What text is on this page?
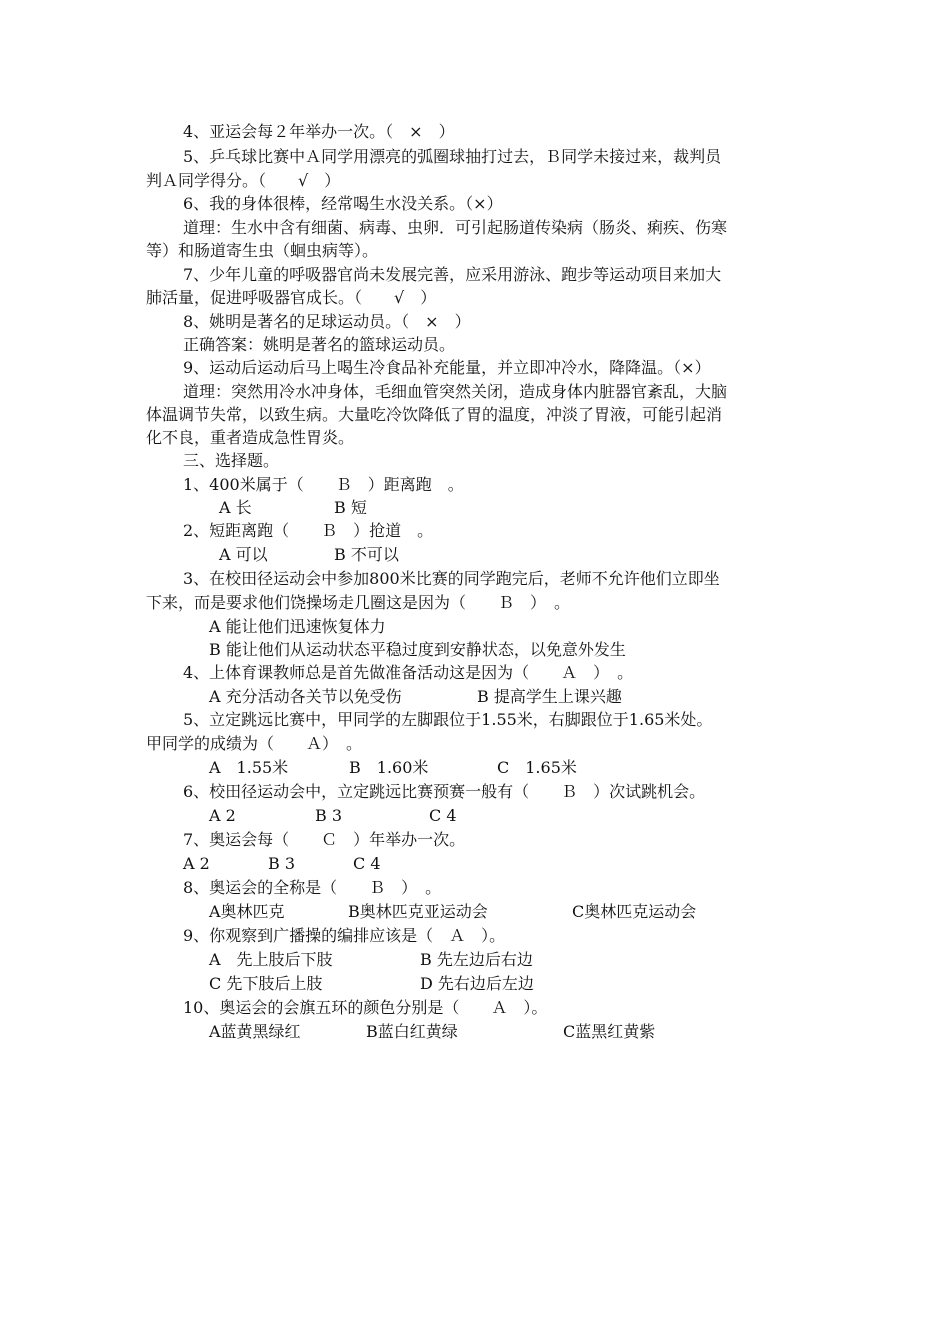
4、亚运会每２年举办一次。（　×　）
5、乒乓球比赛中Ａ同学用漂亮的弧圈球抽打过去，Ｂ同学未接过来，裁判员
判Ａ同学得分。（　　√　）
6、我的身体很棒，经常喝生水没关系。（×）
道理：生水中含有细菌、病毒、虫卵．可引起肠道传染病（肠炎、痢疾、伤寒
等）和肠道寄生虫（蛔虫病等）。
7、少年儿童的呼吸器官尚未发展完善，应采用游泳、跑步等运动项目来加大
肺活量，促进呼吸器官成长。（　　√　）
8、姚明是著名的足球运动员。（　×　）
正确答案：姚明是著名的篮球运动员。
9、运动后运动后马上喝生冷食品补充能量，并立即冲冷水，降降温。（×）
道理：突然用冷水冲身体，毛细血管突然关闭，造成身体内脏器官紊乱，大脑
体温调节失常，以致生病。大量吃冷饮降低了胃的温度，冲淡了胃液，可能引起消
化不良，重者造成急性胃炎。
三、选择题。
1、400米属于（　　Ｂ　）距离跑　。
A 长	B 短
2、短距离跑（　　Ｂ　）抢道　。
A 可以	B 不可以
3、在校田径运动会中参加800米比赛的同学跑完后，老师不允许他们立即坐
下来，而是要求他们饶操场走几圈这是因为（　　Ｂ　）　。
A 能让他们迅速恢复体力
B 能让他们从运动状态平稳过度到安静状态，以免意外发生
4、上体育课教师总是首先做准备活动这是因为（　　Ａ　）　。
A 充分活动各关节以免受伤	B 提高学生上课兴趣
5、立定跳远比赛中，甲同学的左脚跟位于1.55米，右脚跟位于1.65米处。
甲同学的成绩为（　　Ａ）　。
A　1.55米	B　1.60米	C　1.65米
6、校田径运动会中，立定跳远比赛预赛一般有（　　Ｂ　）次试跳机会。
A 2	B 3	C 4
7、奥运会每（　　Ｃ　）年举办一次。
A 2	B 3	C 4
8、奥运会的全称是（　　Ｂ　）　。
A奥林匹克	B奥林匹克亚运动会	C奥林匹克运动会
9、你观察到广播操的编排应该是（　Ａ　）。
A　先上肢后下肢	B 先左边后右边
C 先下肢后上肢	D 先右边后左边
10、奥运会的会旗五环的颜色分别是（　　Ａ　）。
A蓝黄黑绿红	B蓝白红黄绿	C蓝黑红黄紫
